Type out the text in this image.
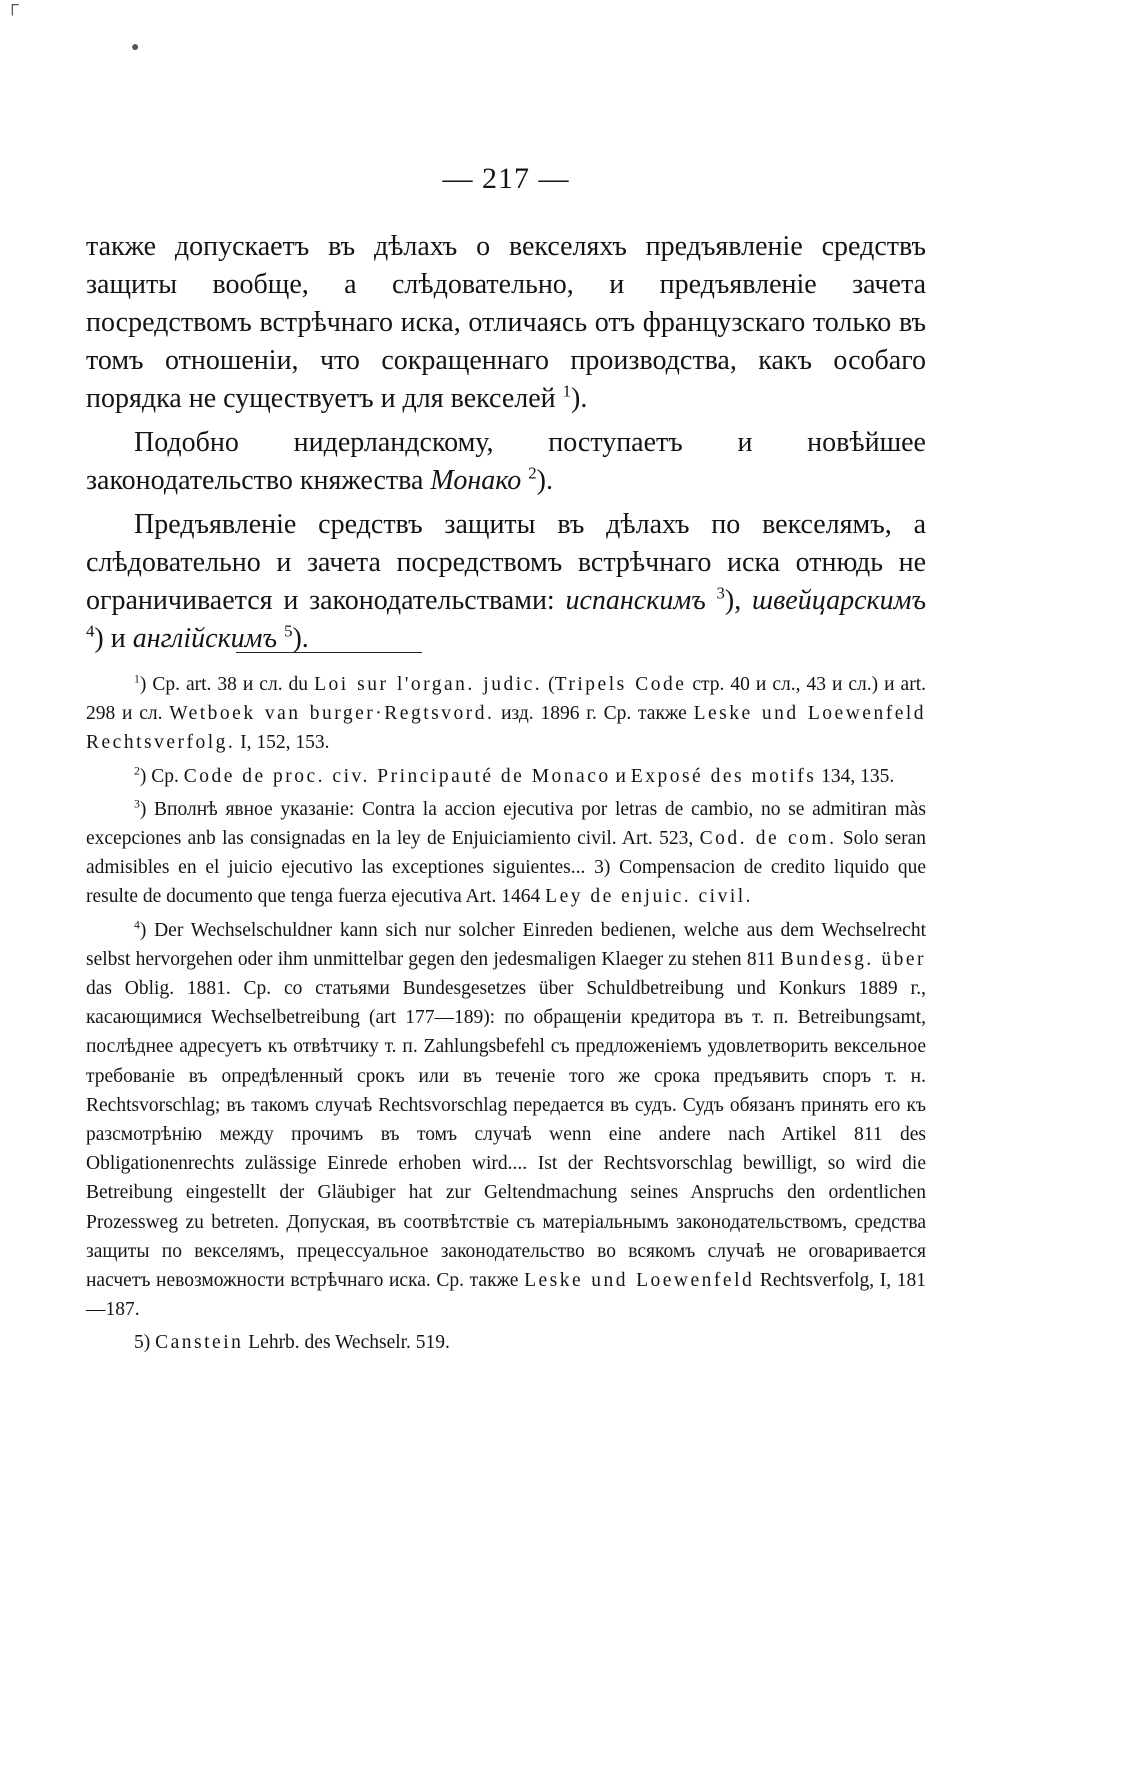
┌
●
— 217 —

также допускаетъ въ дѣлахъ о векселяхъ предъявленіе средствъ защиты вообще, а слѣдовательно, и предъявленіе зачета посредствомъ встрѣчнаго иска, отличаясь отъ французскаго только въ томъ отношеніи, что сокращеннаго производства, какъ особаго порядка не существуетъ и для векселей $^1$).

Подобно нидерландскому, поступаетъ и новѣйшее законодательство княжества Монако $^2$).

Предъявленіе средствъ защиты въ дѣлахъ по векселямъ, а слѣдовательно и зачета посредствомъ встрѣчнаго иска отнюдь не ограничивается и законодательствами: испанскимъ $^3$), швейцарскимъ $^4$) и англійскимъ $^5$).

$^1$) Ср. art. 38 и сл. du Loi sur l'organ. judic. (Tripels Code стр. 40 и сл., 43 и сл.) и art. 298 и сл. Wetboek van burger·Regtsvord. изд. 1896 г. Ср. также Leske und Loewenfeld Rechtsverfolg. I, 152, 153.

$^2$) Ср. Code de proc. civ. Principauté de Monaco и Exposé des motifs 134, 135.

$^3$) Вполнѣ явное указаніе: Contra la accion ejecutiva por letras de cambio, no se admitiran màs excepciones anb las consignadas en la ley de Enjuiciamiento civil. Art. 523, Cod. de com. Solo seran admisibles en el juicio ejecutivo las exceptiones siguientes... 3) Compensacion de credito liquido que resulte de documento que tenga fuerza ejecutiva Art. 1464 Ley de enjuic. civil.

$^4$) Der Wechselschuldner kann sich nur solcher Einreden bedienen, welche aus dem Wechselrecht selbst hervorgehen oder ihm unmittelbar gegen den jedesmaligen Klaeger zu stehen 811 Bundesg. über das Oblig. 1881. Ср. со статьями Bundesgesetzes über Schuldbetreibung und Konkurs 1889 г., касающимися Wechselbetreibung (art 177—189): по обращеніи кредитора въ т. п. Betreibungsamt, послѣднее адресуетъ къ отвѣтчику т. п. Zahlungsbefehl съ предложеніемъ удовлетворить вексельное требованіе въ опредѣленный срокъ или въ теченіе того же срока предъявить споръ т. н. Rechtsvorschlag; въ такомъ случаѣ Rechtsvorschlag передается въ судъ. Судъ обязанъ принять его къ разсмотрѣнію между прочимъ въ томъ случаѣ wenn eine andere nach Artikel 811 des Obligationenrechts zulässige Einrede erhoben wird.... Ist der Rechtsvorschlag bewilligt, so wird die Betreibung eingestellt der Gläubiger hat zur Geltendmachung seines Anspruchs den ordentlichen Prozessweg zu betreten. Допуская, въ соотвѣтствіе съ матеріальнымъ законодательствомъ, средства защиты по векселямъ, прецессуальное законодательство во всякомъ случаѣ не оговаривается насчетъ невозможности встрѣчнаго иска. Ср. также Leske und Loewenfeld Rechtsverfolg, I, 181—187.

5) Canstein Lehrb. des Wechselr. 519.
